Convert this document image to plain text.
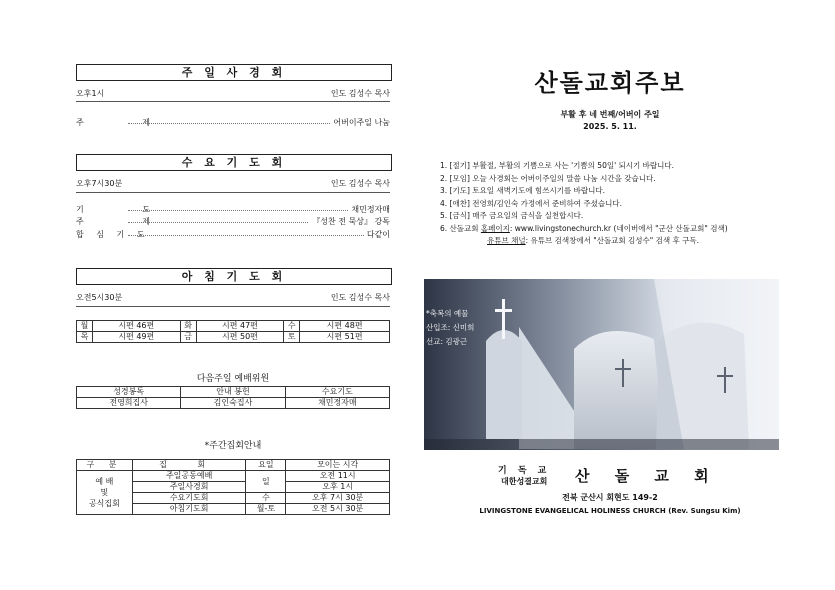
주 일 사 경 회
오후1시	인도 김성수 목사
주 제	어버이주일 나눔
수 요 기 도 회
오후7시30분	인도 김성수 목사
기 도	채민정자매
주 제	『성찬 전 묵상』 강독
합 심 기 도	다같이
아 침 기 도 회
오전5시30분	인도 김성수 목사
월	시편 46편	화	시편 47편	수	시편 48편
목	시편 49편	금	시편 50편	토	시편 51편
다음주일 예배위원
성경봉독	안내 봉헌	수요기도
전영희집사	김인숙집사	채민정자매
*주간집회안내
구 분	집 회	요일	모이는 시각

예 배
및
공식집회	주일공동예배	일	오전 11시
	주일사경회		오후 1시
	수요기도회	수	오후 7시 30분
	아침기도회	월-토	오전 5시 30분
산돌교회주보
부활 후 네 번째/어버이 주일
2025. 5. 11.
1. [절기] 부활절, 부활의 기쁨으로 사는 '기쁨의 50일' 되시기 바랍니다.
2. [모임] 오늘 사경회는 어버이주일의 말씀 나눔 시간을 갖습니다.
3. [기도] 토요일 새벽기도에 힘쓰시기를 바랍니다.
4. [애찬] 전영희/김인숙 가정에서 준비하여 주셨습니다.
5. [금식] 매주 금요일의 금식을 실천합시다.
6. 산돌교회 홈페이지: www.livingstonechurch.kr (네이버에서 "군산 산돌교회" 검색)
유튜브 채널: 유튜브 검색창에서 "산돌교회 김성수" 검색 후 구독.
*축복의 예물
산입조: 신미희
선교: 김광근
기 독 교
대한성결교회 산 돌 교 회
전북 군산시 회현도 149-2
LIVINGSTONE EVANGELICAL HOLINESS CHURCH (Rev. Sungsu Kim)
